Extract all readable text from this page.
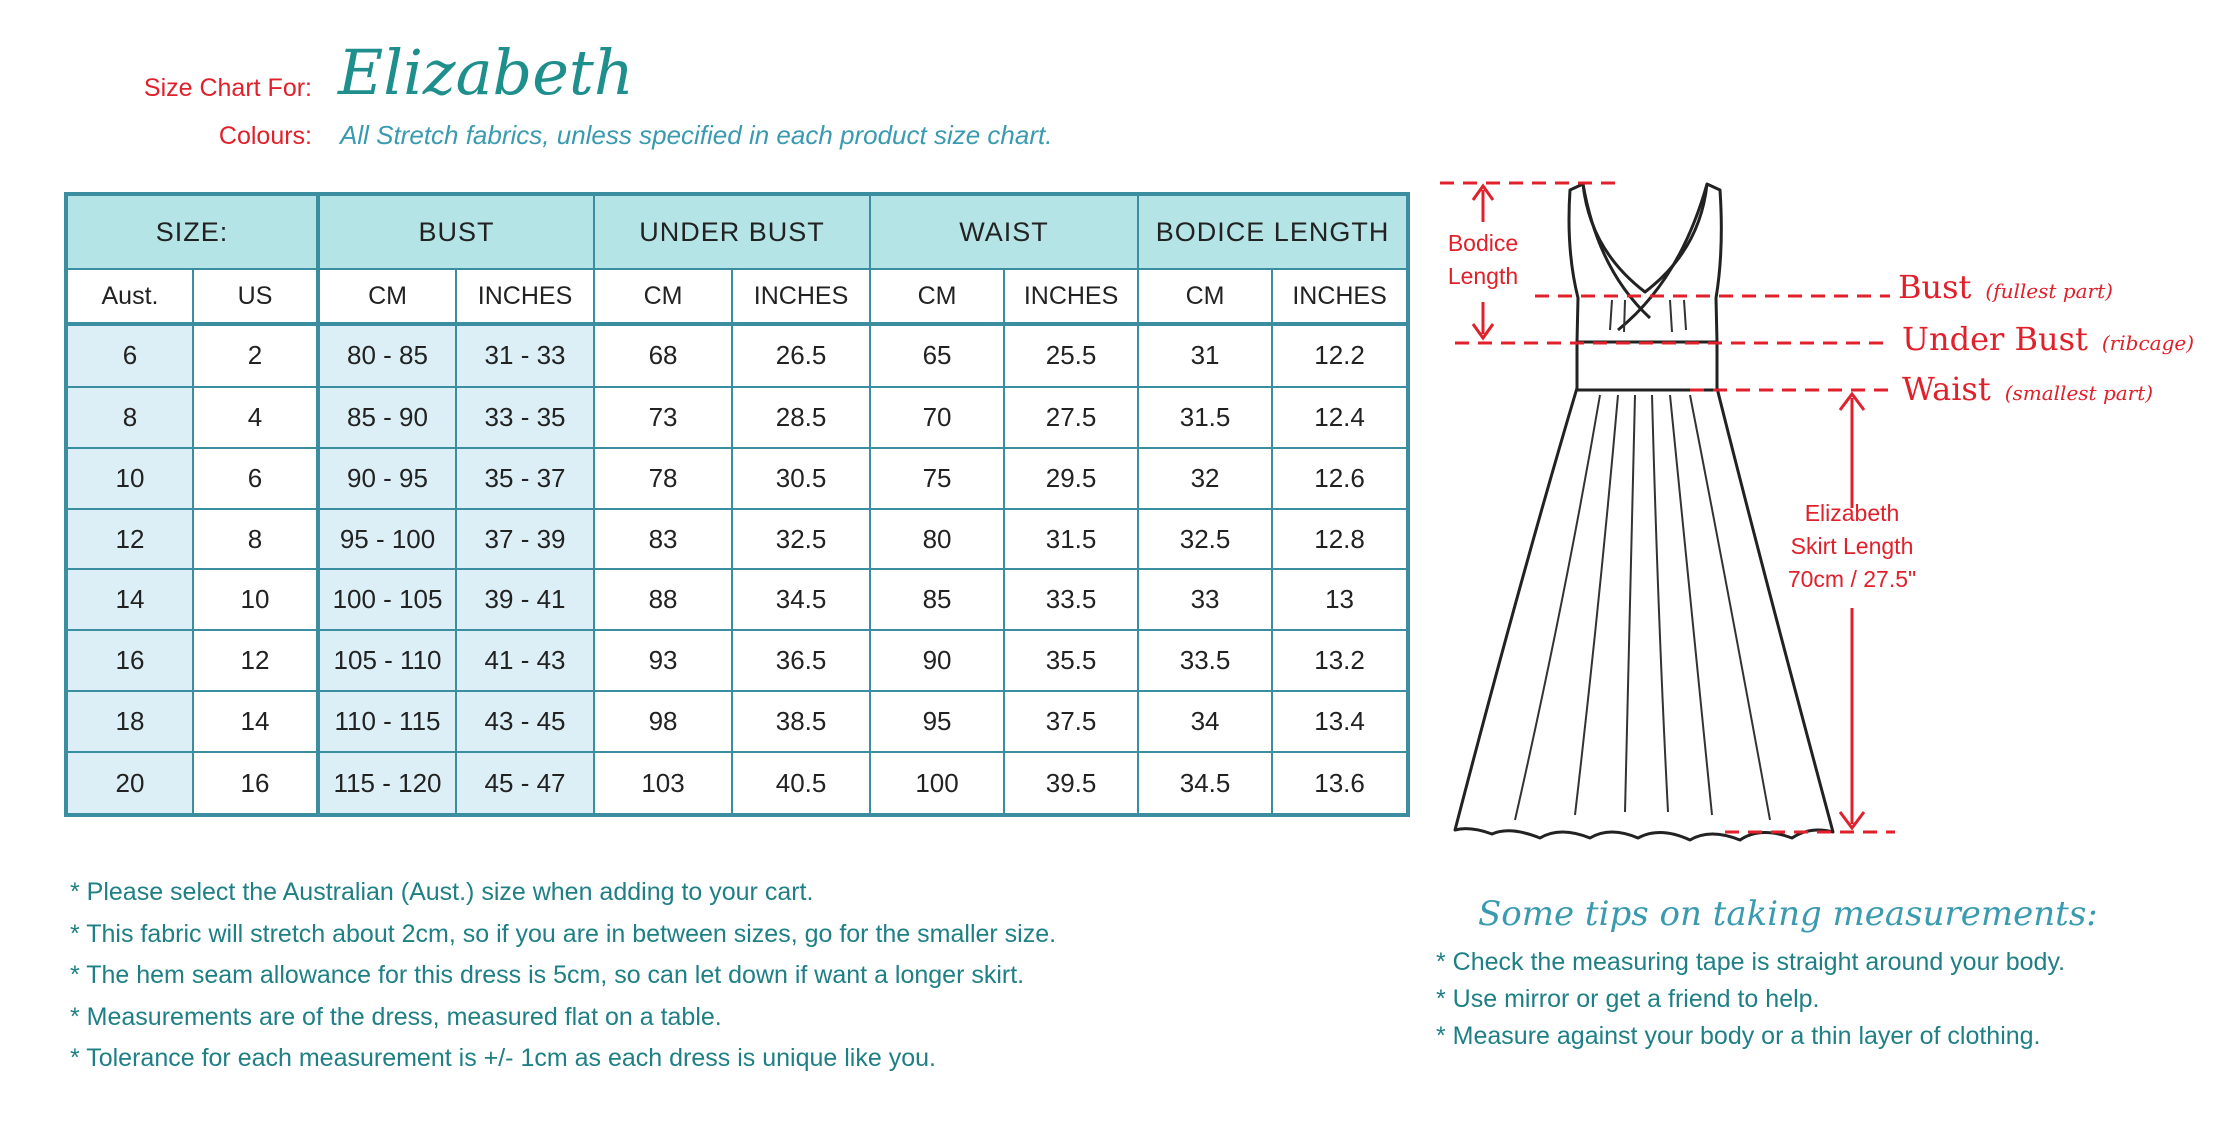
Size Chart For: Elizabeth
Colours: All Stretch fabrics, unless specified in each product size chart.
SIZE:		BUST		UNDER BUST		WAIST		BODICE LENGTH	
Aust.	US	CM	INCHES	CM	INCHES	CM	INCHES	CM	INCHES
6	2	80 - 85	31 - 33	68	26.5	65	25.5	31	12.2
8	4	85 - 90	33 - 35	73	28.5	70	27.5	31.5	12.4
10	6	90 - 95	35 - 37	78	30.5	75	29.5	32	12.6
12	8	95 - 100	37 - 39	83	32.5	80	31.5	32.5	12.8
14	10	100 - 105	39 - 41	88	34.5	85	33.5	33	13
16	12	105 - 110	41 - 43	93	36.5	90	35.5	33.5	13.2
18	14	110 - 115	43 - 45	98	38.5	95	37.5	34	13.4
20	16	115 - 120	45 - 47	103	40.5	100	39.5	34.5	13.6
* Please select the Australian (Aust.) size when adding to your cart.
* This fabric will stretch about 2cm, so if you are in between sizes, go for the smaller size.
* The hem seam allowance for this dress is 5cm, so can let down if want a longer skirt.
* Measurements are of the dress, measured flat on a table.
* Tolerance for each measurement is +/- 1cm as each dress is unique like you.
Some tips on taking measurements:
* Check the measuring tape is straight around your body.
* Use mirror or get a friend to help.
* Measure against your body or a thin layer of clothing.
Bodice
Length	Bust (fullest part)
Under Bust (ribcage)
Waist (smallest part)
Elizabeth
Skirt Length
70cm / 27.5"
